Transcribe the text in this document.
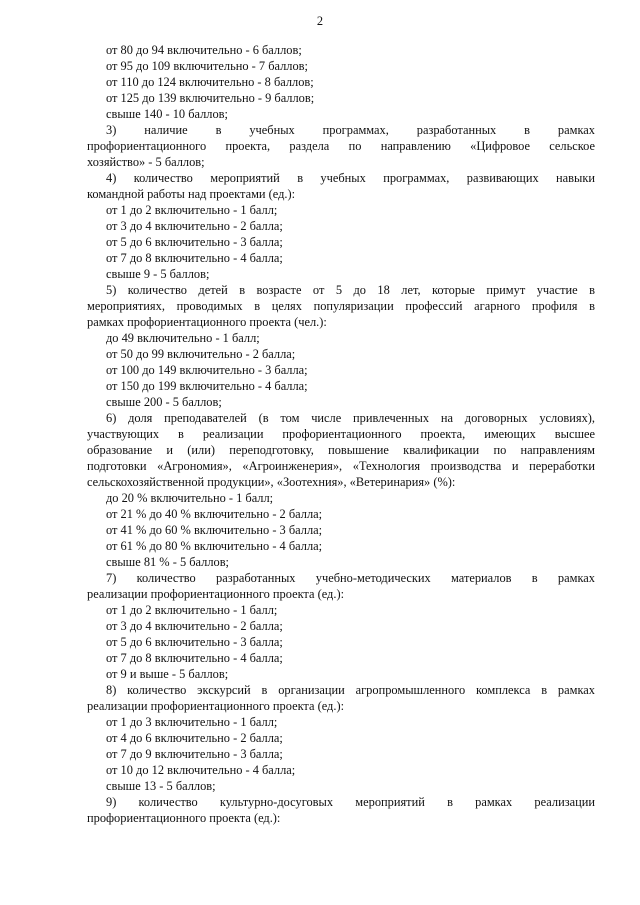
2
от 80 до 94 включительно - 6 баллов;
от 95 до 109 включительно - 7 баллов;
от 110 до 124 включительно - 8 баллов;
от 125 до 139 включительно - 9 баллов;
свыше 140 - 10 баллов;
3) наличие в учебных программах, разработанных в рамках
профориентационного проекта, раздела по направлению «Цифровое сельское
хозяйство» - 5 баллов;
4) количество мероприятий в учебных программах, развивающих навыки
командной работы над проектами (ед.):
от 1 до 2 включительно - 1 балл;
от 3 до 4 включительно - 2 балла;
от 5 до 6 включительно - 3 балла;
от 7 до 8 включительно - 4 балла;
свыше 9 - 5 баллов;
5) количество детей в возрасте от 5 до 18 лет, которые примут участие в
мероприятиях, проводимых в целях популяризации профессий агарного профиля в
рамках профориентационного проекта (чел.):
до 49 включительно - 1 балл;
от 50 до 99 включительно - 2 балла;
от 100 до 149 включительно - 3 балла;
от 150 до 199 включительно - 4 балла;
свыше 200 - 5 баллов;
6) доля преподавателей (в том числе привлеченных на договорных условиях),
участвующих в реализации профориентационного проекта, имеющих высшее
образование и (или) переподготовку, повышение квалификации по направлениям
подготовки «Агрономия», «Агроинженерия», «Технология производства и переработки
сельскохозяйственной продукции», «Зоотехния», «Ветеринария» (%):
до 20 % включительно - 1 балл;
от 21 % до 40 % включительно - 2 балла;
от 41 % до 60 % включительно - 3 балла;
от 61 % до 80 % включительно - 4 балла;
свыше 81 % - 5 баллов;
7) количество разработанных учебно-методических материалов в рамках
реализации профориентационного проекта (ед.):
от 1 до 2 включительно - 1 балл;
от 3 до 4 включительно - 2 балла;
от 5 до 6 включительно - 3 балла;
от 7 до 8 включительно - 4 балла;
от 9 и выше - 5 баллов;
8) количество экскурсий в организации агропромышленного комплекса в рамках
реализации профориентационного проекта (ед.):
от 1 до 3 включительно - 1 балл;
от 4 до 6 включительно - 2 балла;
от 7 до 9 включительно - 3 балла;
от 10 до 12 включительно - 4 балла;
свыше 13 - 5 баллов;
9) количество культурно-досуговых мероприятий в рамках реализации
профориентационного проекта (ед.):
